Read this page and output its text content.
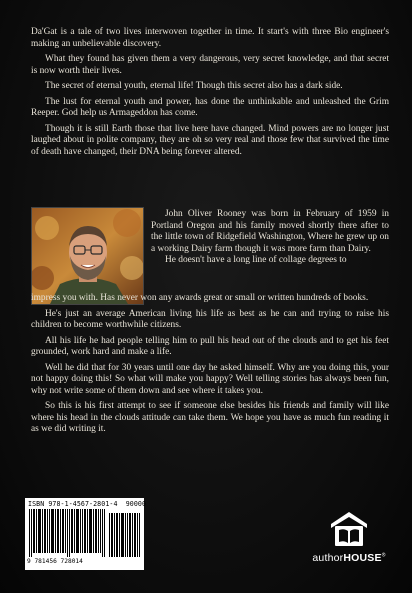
Da'Gat is a tale of two lives interwoven together in time. It start's with three Bio engineer's making an unbelievable discovery.

What they found has given them a very dangerous, very secret knowledge, and that secret is now worth their lives.

The secret of eternal youth, eternal life! Though this secret also has a dark side.

The lust for eternal youth and power, has done the unthinkable and unleashed the Grim Reeper. God help us Armageddon has come.

Though it is still Earth those that live here have changed. Mind powers are no longer just laughed about in polite company, they are oh so very real and those few that survived the time of death have changed, their DNA being forever altered.

John Oliver Rooney was born in February of 1959 in Portland Oregon and his family moved shortly there after to the little town of Ridgefield Washington, Where he grew up on a working Dairy farm though it was more farm than Dairy.

He doesn't have a long line of collage degrees to

impress you with. Has never won any awards great or small or written hundreds of books.

He's just an average American living his life as best as he can and trying to raise his children to become worthwhile citizens.

All his life he had people telling him to pull his head out of the clouds and to get his feet grounded, work hard and make a life.

Well he did that for 30 years until one day he asked himself. Why are you doing this, your not happy doing this! So what will make you happy? Well telling stories has always been fun, why not write some of them down and see where it takes you.

So this is his first attempt to see if someone else besides his friends and family will like where his head in the clouds attitude can take them. We hope you have as much fun reading it as we did writing it.

ISBN 978-1-4567-2801-4 90000
9 781456 728014	authorHOUSE®
